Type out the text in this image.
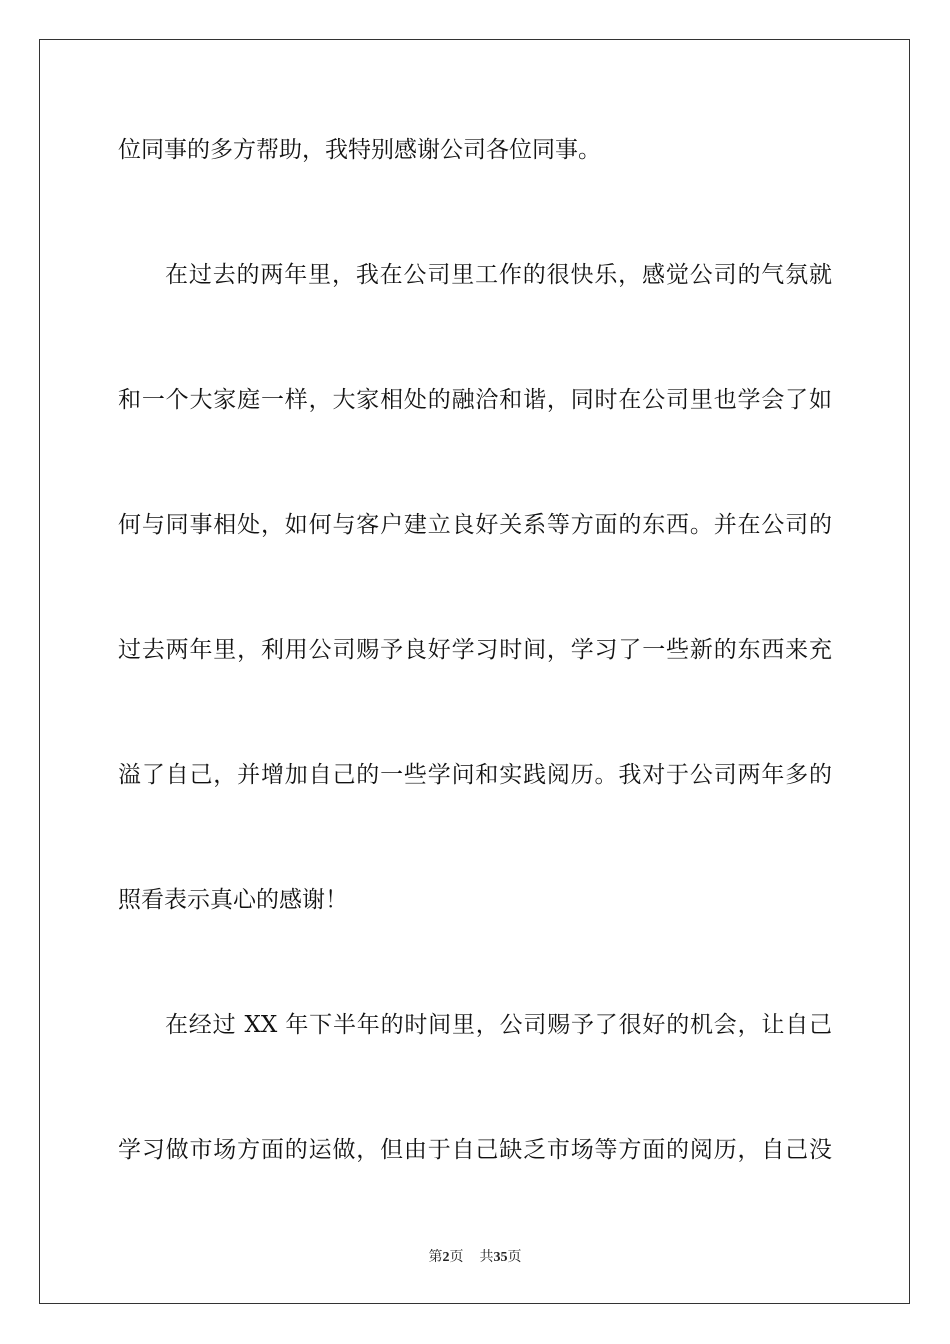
位同事的多方帮助，我特别感谢公司各位同事。
在过去的两年里，我在公司里工作的很快乐，感觉公司的气氛就
和一个大家庭一样，大家相处的融洽和谐，同时在公司里也学会了如
何与同事相处，如何与客户建立良好关系等方面的东西。并在公司的
过去两年里，利用公司赐予良好学习时间，学习了一些新的东西来充
溢了自己，并增加自己的一些学问和实践阅历。我对于公司两年多的
照看表示真心的感谢！
在经过 XX 年下半年的时间里，公司赐予了很好的机会，让自己
学习做市场方面的运做，但由于自己缺乏市场等方面的阅历，自己没
第2页 共35页
